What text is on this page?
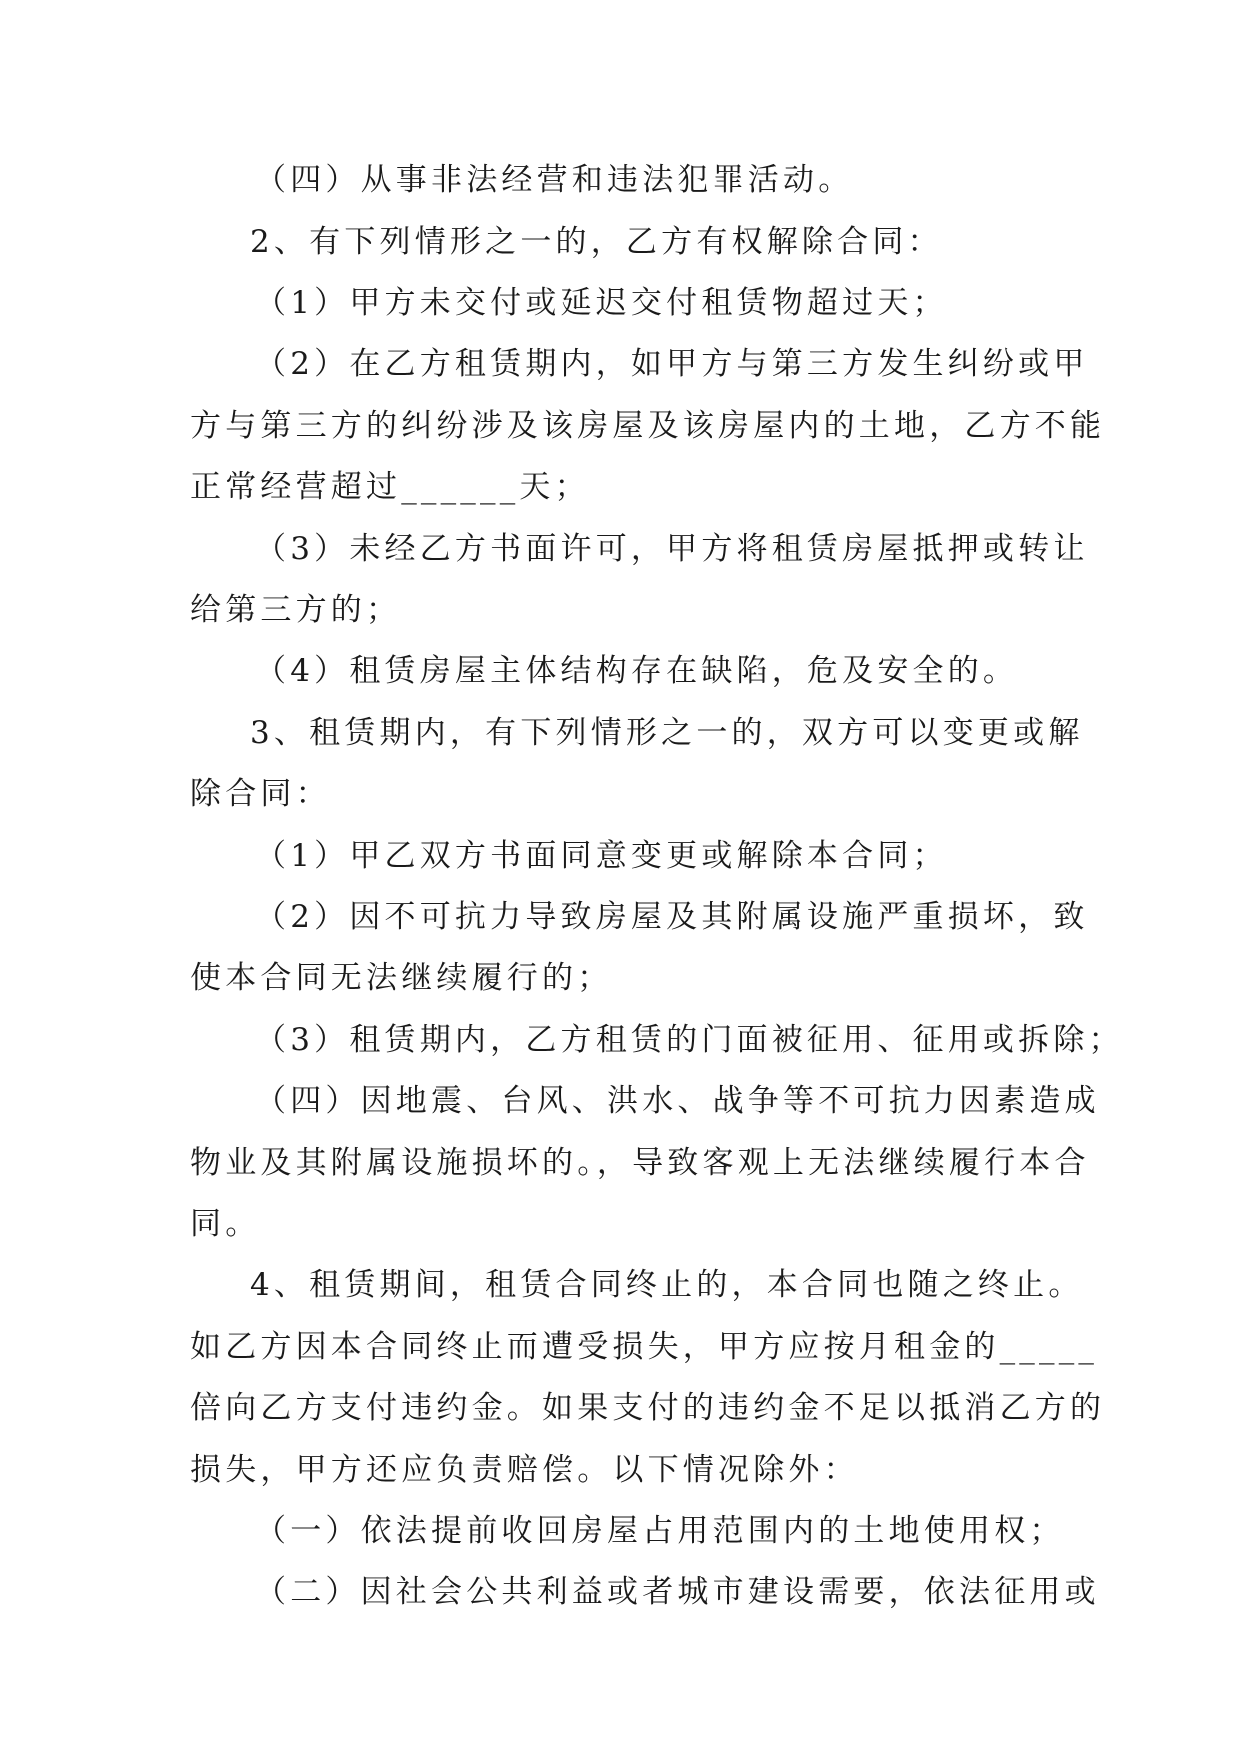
（四）从事非法经营和违法犯罪活动。
2、有下列情形之一的，乙方有权解除合同：
（1）甲方未交付或延迟交付租赁物超过天；
（2）在乙方租赁期内，如甲方与第三方发生纠纷或甲
方与第三方的纠纷涉及该房屋及该房屋内的土地，乙方不能
正常经营超过______天；
（3）未经乙方书面许可，甲方将租赁房屋抵押或转让
给第三方的；
（4）租赁房屋主体结构存在缺陷，危及安全的。
3、租赁期内，有下列情形之一的，双方可以变更或解
除合同：
（1）甲乙双方书面同意变更或解除本合同；
（2）因不可抗力导致房屋及其附属设施严重损坏，致
使本合同无法继续履行的；
（3）租赁期内，乙方租赁的门面被征用、征用或拆除；
（四）因地震、台风、洪水、战争等不可抗力因素造成
物业及其附属设施损坏的。，导致客观上无法继续履行本合
同。
4、租赁期间，租赁合同终止的，本合同也随之终止。
如乙方因本合同终止而遭受损失，甲方应按月租金的_____
倍向乙方支付违约金。如果支付的违约金不足以抵消乙方的
损失，甲方还应负责赔偿。以下情况除外：
（一）依法提前收回房屋占用范围内的土地使用权；
（二）因社会公共利益或者城市建设需要，依法征用或
